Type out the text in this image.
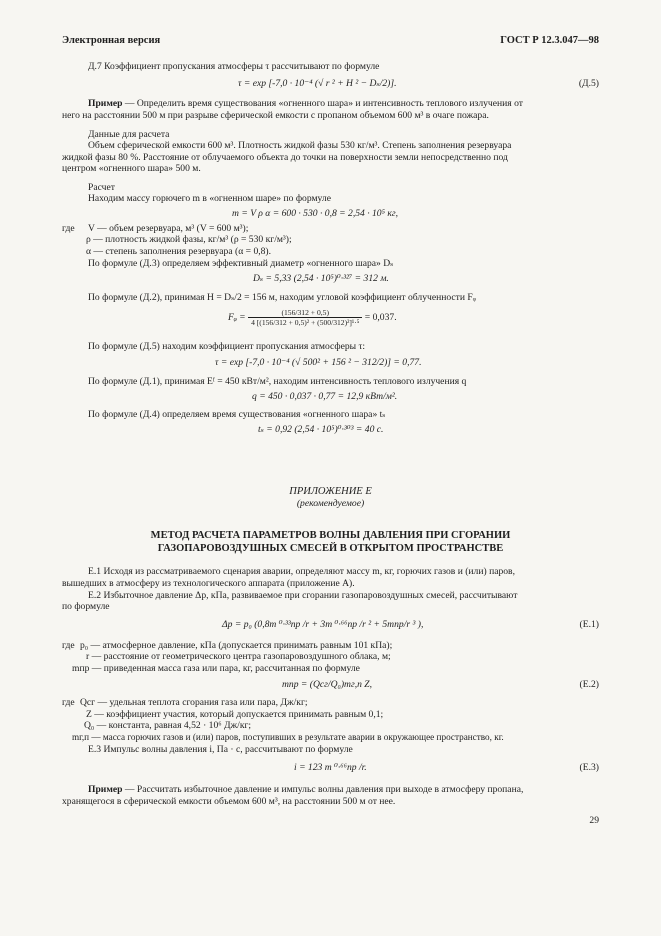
Электронная версия	ГОСТ Р 12.3.047—98
Д.7 Коэффициент пропускания атмосферы τ рассчитывают по формуле
τ = exp [-7,0 · 10⁻⁴ (√ r ² + H ² − Dₛ/2)].	(Д.5)
Пример — Определить время существования «огненного шара» и интенсивность теплового излучения от
него на расстоянии 500 м при разрыве сферической емкости с пропаном объемом 600 м³ в очаге пожара.
Данные для расчета
Объем сферической емкости 600 м³. Плотность жидкой фазы 530 кг/м³. Степень заполнения резервуара
жидкой фазы 80 %. Расстояние от облучаемого объекта до точки на поверхности земли непосредственно под
центром «огненного шара» 500 м.
Расчет
Находим массу горючего m в «огненном шаре» по формуле
m = V ρ α = 600 · 530 · 0,8 = 2,54 · 10⁵ кг,
где V — объем резервуара, м³ (V = 600 м³);
ρ — плотность жидкой фазы, кг/м³ (ρ = 530 кг/м³);
α — степень заполнения резервуара (α = 0,8).
По формуле (Д.3) определяем эффективный диаметр «огненного шара» Dₛ
Dₛ = 5,33 (2,54 · 10⁵)⁰·³²⁷ = 312 м.
По формуле (Д.2), принимая H = Dₛ/2 = 156 м, находим угловой коэффициент облученности Fᵩ
Fᵩ = $\frac{(156/312 + 0,5)}{\text{4 [(156/312 + 0,5)² + (500/312)²]¹·⁵}} = 0,037$.
По формуле (Д.5) находим коэффициент пропускания атмосферы τ:
τ = exp [-7,0 · 10⁻⁴ (√ 500² + 156 ² − 312/2)] = 0,77.
По формуле (Д.1), принимая Eᶠ = 450 кВт/м², находим интенсивность теплового излучения q
q = 450 · 0,037 · 0,77 = 12,9 кВт/м².
По формуле (Д.4) определяем время существования «огненного шара» tₛ
tₛ = 0,92 (2,54 · 10⁵)⁰·³⁰³ = 40 с.
ПРИЛОЖЕНИЕ Е
(рекомендуемое)
МЕТОД РАСЧЕТА ПАРАМЕТРОВ ВОЛНЫ ДАВЛЕНИЯ ПРИ СГОРАНИИ
ГАЗОПАРОВОЗДУШНЫХ СМЕСЕЙ В ОТКРЫТОМ ПРОСТРАНСТВЕ
Е.1 Исходя из рассматриваемого сценария аварии, определяют массу m, кг, горючих газов и (или) паров,
вышедших в атмосферу из технологического аппарата (приложение А).
Е.2 Избыточное давление Δp, кПа, развиваемое при сгорании газопаровоздушных смесей, рассчитывают
по формуле
Δp = p₀ (0,8m ⁰·³³пр /r + 3m ⁰·⁶⁶пр /r ² + 5mпр/r ³ ),	(Е.1)
где p₀ — атмосферное давление, кПа (допускается принимать равным 101 кПа);
r — расстояние от геометрического центра газопаровоздушного облака, м;
mпр — приведенная масса газа или пара, кг, рассчитанная по формуле
mпр = (Qсг/Q₀)mг,п Z,	(Е.2)
где Qсг — удельная теплота сгорания газа или пара, Дж/кг;
Z — коэффициент участия, который допускается принимать равным 0,1;
Q₀ — константа, равная 4,52 · 10⁶ Дж/кг;
mг,п — масса горючих газов и (или) паров, поступивших в результате аварии в окружающее пространство, кг.
Е.3 Импульс волны давления i, Па · с, рассчитывают по формуле
i = 123 m ⁰·⁶⁶пр /r.	(Е.3)
Пример — Рассчитать избыточное давление и импульс волны давления при выходе в атмосферу пропана,
хранящегося в сферической емкости объемом 600 м³, на расстоянии 500 м от нее.
29
